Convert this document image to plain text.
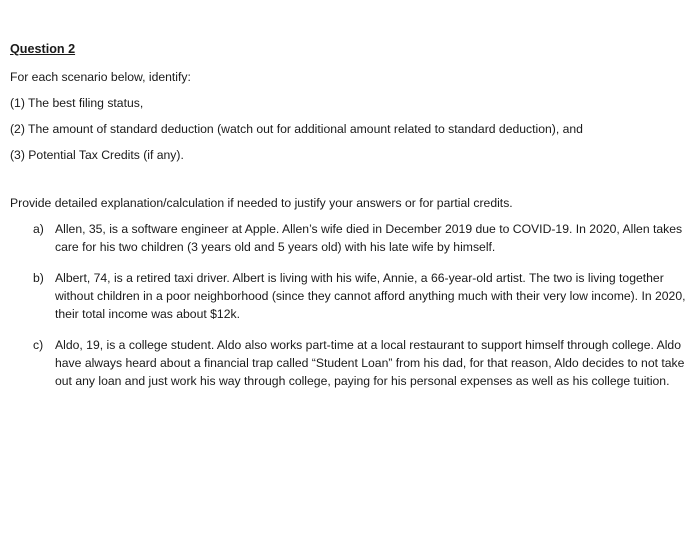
Question 2
For each scenario below, identify:
(1) The best filing status,
(2) The amount of standard deduction (watch out for additional amount related to standard deduction), and
(3) Potential Tax Credits (if any).
Provide detailed explanation/calculation if needed to justify your answers or for partial credits.
a) Allen, 35, is a software engineer at Apple. Allen’s wife died in December 2019 due to COVID-19. In 2020, Allen takes care for his two children (3 years old and 5 years old) with his late wife by himself.
b) Albert, 74, is a retired taxi driver. Albert is living with his wife, Annie, a 66-year-old artist. The two is living together without children in a poor neighborhood (since they cannot afford anything much with their very low income). In 2020, their total income was about $12k.
c) Aldo, 19, is a college student. Aldo also works part-time at a local restaurant to support himself through college. Aldo have always heard about a financial trap called “Student Loan” from his dad, for that reason, Aldo decides to not take out any loan and just work his way through college, paying for his personal expenses as well as his college tuition.
